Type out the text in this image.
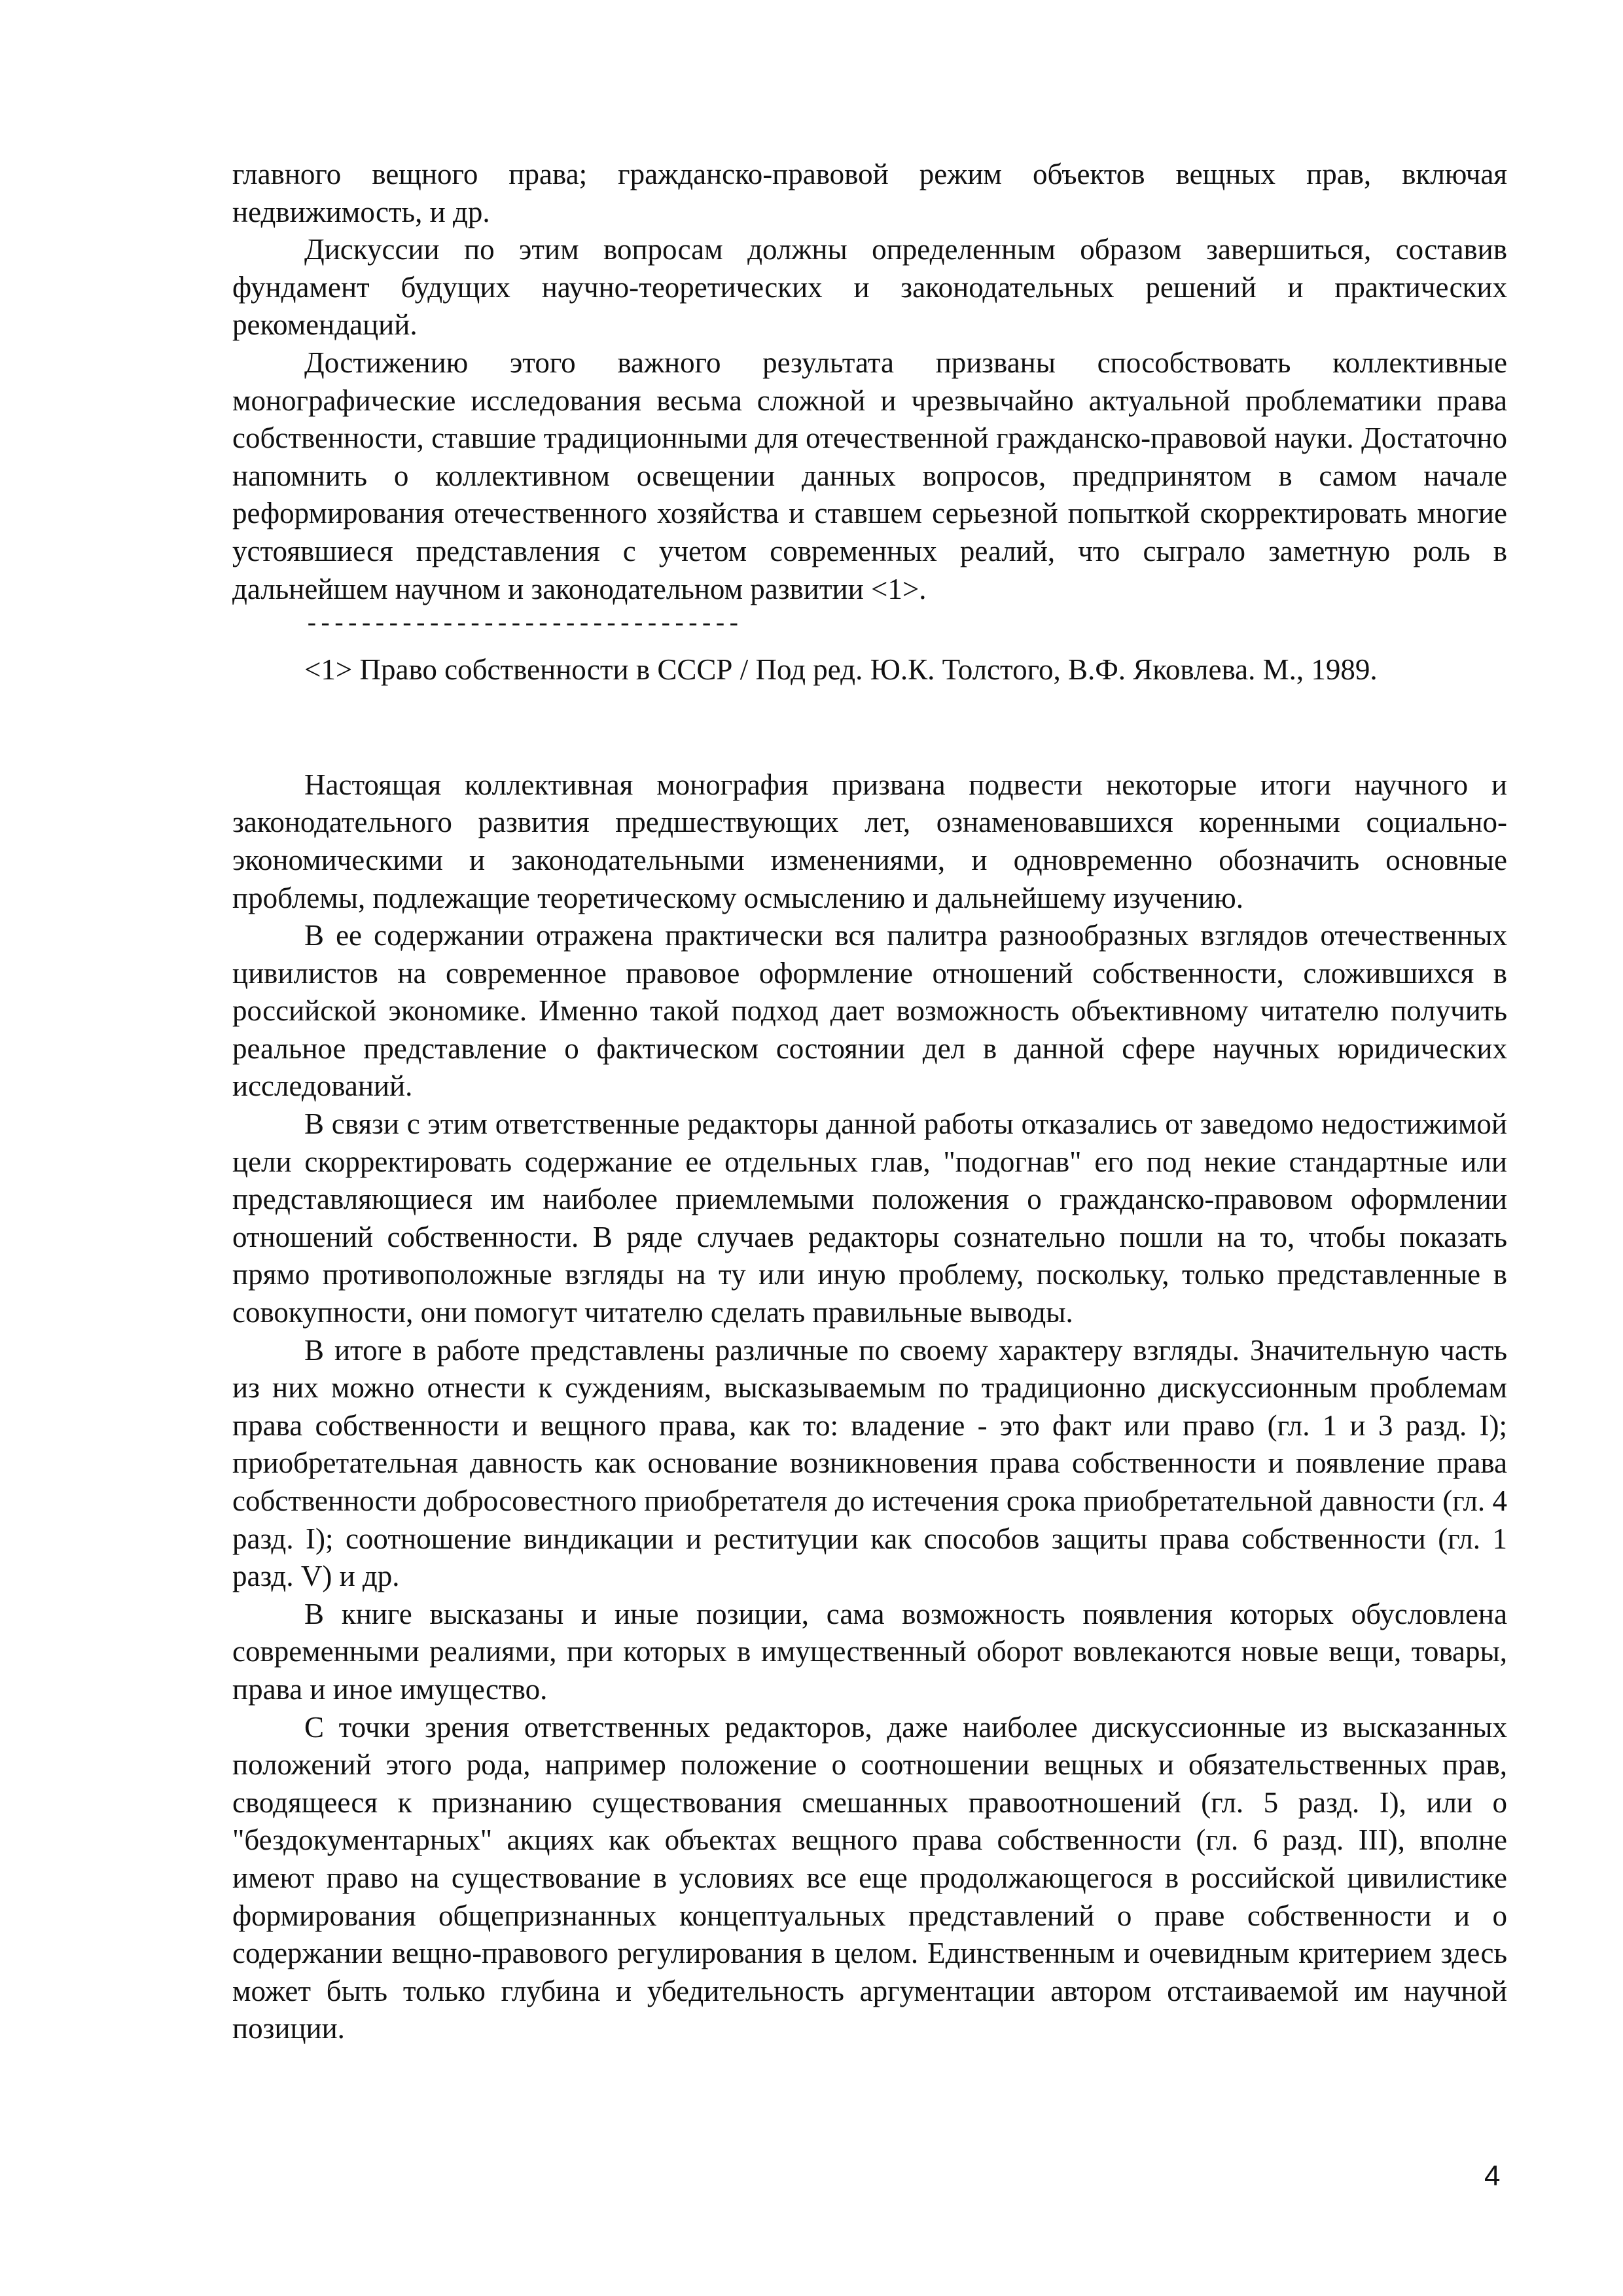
главного вещного права; гражданско-правовой режим объектов вещных прав, включая недвижимость, и др.

Дискуссии по этим вопросам должны определенным образом завершиться, составив фундамент будущих научно-теоретических и законодательных решений и практических рекомендаций.

Достижению этого важного результата призваны способствовать коллективные монографические исследования весьма сложной и чрезвычайно актуальной проблематики права собственности, ставшие традиционными для отечественной гражданско-правовой науки. Достаточно напомнить о коллективном освещении данных вопросов, предпринятом в самом начале реформирования отечественного хозяйства и ставшем серьезной попыткой скорректировать многие устоявшиеся представления с учетом современных реалий, что сыграло заметную роль в дальнейшем научном и законодательном развитии <1>.

--------------------------------

<1> Право собственности в СССР / Под ред. Ю.К. Толстого, В.Ф. Яковлева. М., 1989.

Настоящая коллективная монография призвана подвести некоторые итоги научного и законодательного развития предшествующих лет, ознаменовавшихся коренными социально-экономическими и законодательными изменениями, и одновременно обозначить основные проблемы, подлежащие теоретическому осмыслению и дальнейшему изучению.

В ее содержании отражена практически вся палитра разнообразных взглядов отечественных цивилистов на современное правовое оформление отношений собственности, сложившихся в российской экономике. Именно такой подход дает возможность объективному читателю получить реальное представление о фактическом состоянии дел в данной сфере научных юридических исследований.

В связи с этим ответственные редакторы данной работы отказались от заведомо недостижимой цели скорректировать содержание ее отдельных глав, "подогнав" его под некие стандартные или представляющиеся им наиболее приемлемыми положения о гражданско-правовом оформлении отношений собственности. В ряде случаев редакторы сознательно пошли на то, чтобы показать прямо противоположные взгляды на ту или иную проблему, поскольку, только представленные в совокупности, они помогут читателю сделать правильные выводы.

В итоге в работе представлены различные по своему характеру взгляды. Значительную часть из них можно отнести к суждениям, высказываемым по традиционно дискуссионным проблемам права собственности и вещного права, как то: владение - это факт или право (гл. 1 и 3 разд. I); приобретательная давность как основание возникновения права собственности и появление права собственности добросовестного приобретателя до истечения срока приобретательной давности (гл. 4 разд. I); соотношение виндикации и реституции как способов защиты права собственности (гл. 1 разд. V) и др.

В книге высказаны и иные позиции, сама возможность появления которых обусловлена современными реалиями, при которых в имущественный оборот вовлекаются новые вещи, товары, права и иное имущество.

С точки зрения ответственных редакторов, даже наиболее дискуссионные из высказанных положений этого рода, например положение о соотношении вещных и обязательственных прав, сводящееся к признанию существования смешанных правоотношений (гл. 5 разд. I), или о "бездокументарных" акциях как объектах вещного права собственности (гл. 6 разд. III), вполне имеют право на существование в условиях все еще продолжающегося в российской цивилистике формирования общепризнанных концептуальных представлений о праве собственности и о содержании вещно-правового регулирования в целом. Единственным и очевидным критерием здесь может быть только глубина и убедительность аргументации автором отстаиваемой им научной позиции.

4
